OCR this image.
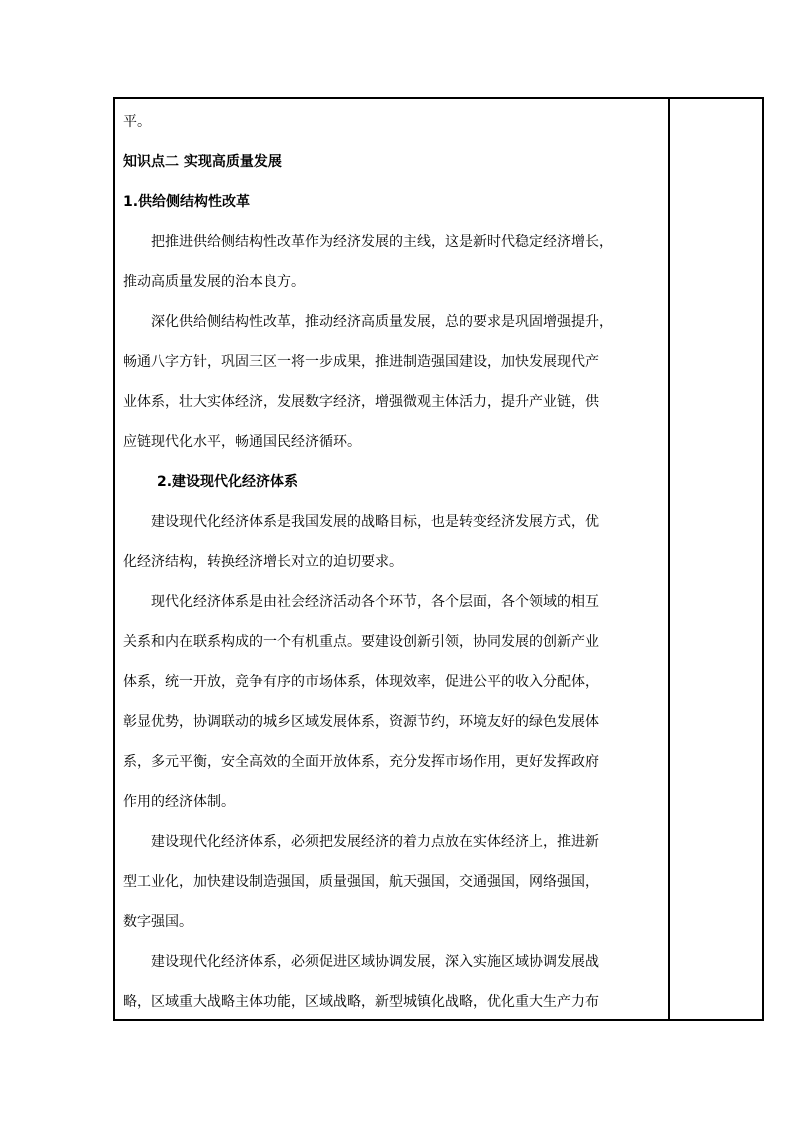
平。
知识点二 实现高质量发展
1.供给侧结构性改革
把推进供给侧结构性改革作为经济发展的主线，这是新时代稳定经济增长，
推动高质量发展的治本良方。
深化供给侧结构性改革，推动经济高质量发展，总的要求是巩固增强提升，
畅通八字方针，巩固三区一将一步成果，推进制造强国建设，加快发展现代产
业体系，壮大实体经济，发展数字经济，增强微观主体活力，提升产业链，供
应链现代化水平，畅通国民经济循环。
2.建设现代化经济体系
建设现代化经济体系是我国发展的战略目标，也是转变经济发展方式，优
化经济结构，转换经济增长对立的迫切要求。
现代化经济体系是由社会经济活动各个环节，各个层面，各个领域的相互
关系和内在联系构成的一个有机重点。要建设创新引领，协同发展的创新产业
体系，统一开放，竞争有序的市场体系，体现效率，促进公平的收入分配体，
彰显优势，协调联动的城乡区域发展体系，资源节约，环境友好的绿色发展体
系，多元平衡，安全高效的全面开放体系，充分发挥市场作用，更好发挥政府
作用的经济体制。
建设现代化经济体系，必须把发展经济的着力点放在实体经济上，推进新
型工业化，加快建设制造强国，质量强国，航天强国，交通强国，网络强国，
数字强国。
建设现代化经济体系，必须促进区域协调发展，深入实施区域协调发展战
略，区域重大战略主体功能，区域战略，新型城镇化战略，优化重大生产力布
